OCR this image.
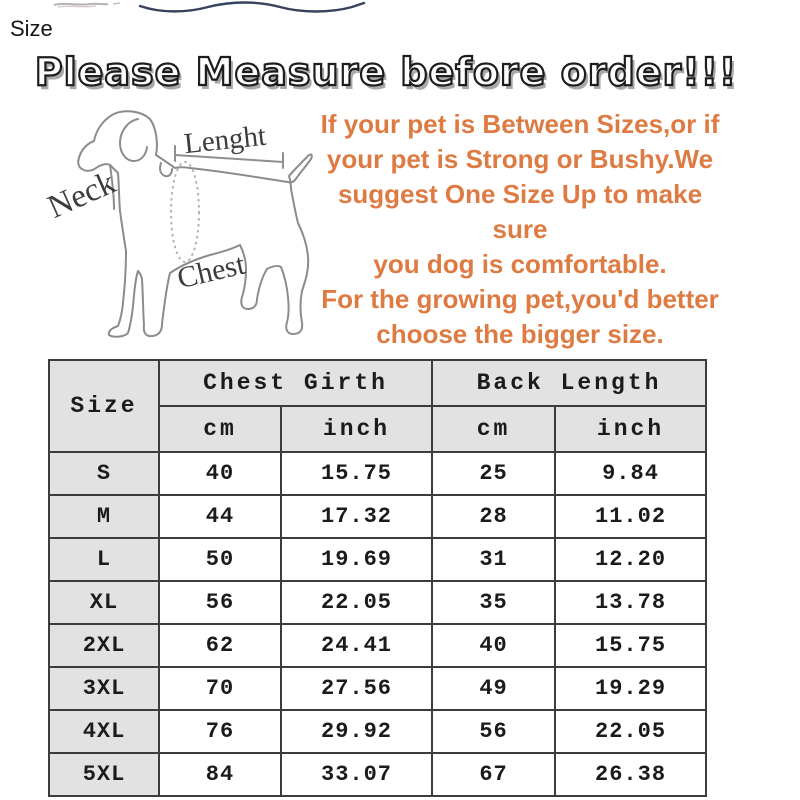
Size
Please Measure before order!!!
Neck
Lenght
Chest
If your pet is Between Sizes,or if
your pet is Strong or Bushy.We
suggest One Size Up to make sure
you dog is comfortable.
For the growing pet,you'd better
choose the bigger size.
Size	Chest Girth		Back Length	
	cm	inch	cm	inch
S	40	15.75	25	9.84
M	44	17.32	28	11.02
L	50	19.69	31	12.20
XL	56	22.05	35	13.78
2XL	62	24.41	40	15.75
3XL	70	27.56	49	19.29
4XL	76	29.92	56	22.05
5XL	84	33.07	67	26.38
